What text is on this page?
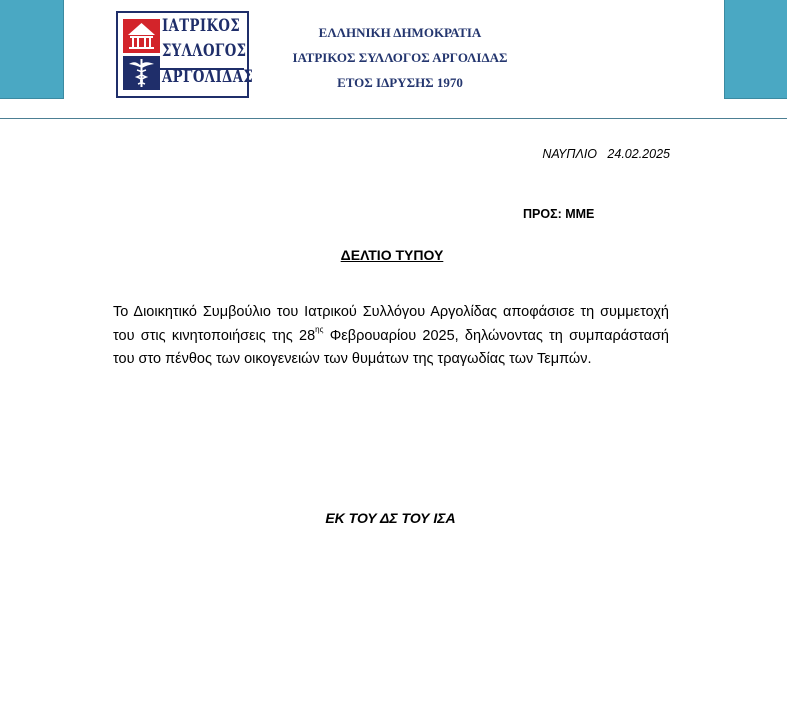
ΙΑΤΡΙΚΟΣ
ΣΥΛΛΟΓΟΣ
ΑΡΓΟΛΙΔΑΣ
ΕΛΛΗΝΙΚΗ ΔΗΜΟΚΡΑΤΙΑ
ΙΑΤΡΙΚΟΣ ΣΥΛΛΟΓΟΣ ΑΡΓΟΛΙΔΑΣ
ΕΤΟΣ ΙΔΡΥΣΗΣ 1970
ΝΑΥΠΛΙΟ   24.02.2025
ΠΡΟΣ: ΜΜΕ
ΔΕΛΤΙΟ ΤΥΠΟΥ
Το Διοικητικό Συμβούλιο του Ιατρικού Συλλόγου Αργολίδας αποφάσισε τη συμμετοχή του στις κινητοποιήσεις της $28^{\eta\varsigma}$ Φεβρουαρίου 2025, δηλώνοντας τη συμπαράστασή του στο πένθος των οικογενειών των θυμάτων της τραγωδίας των Τεμπών.
ΕΚ ΤΟΥ ΔΣ ΤΟΥ ΙΣΑ
